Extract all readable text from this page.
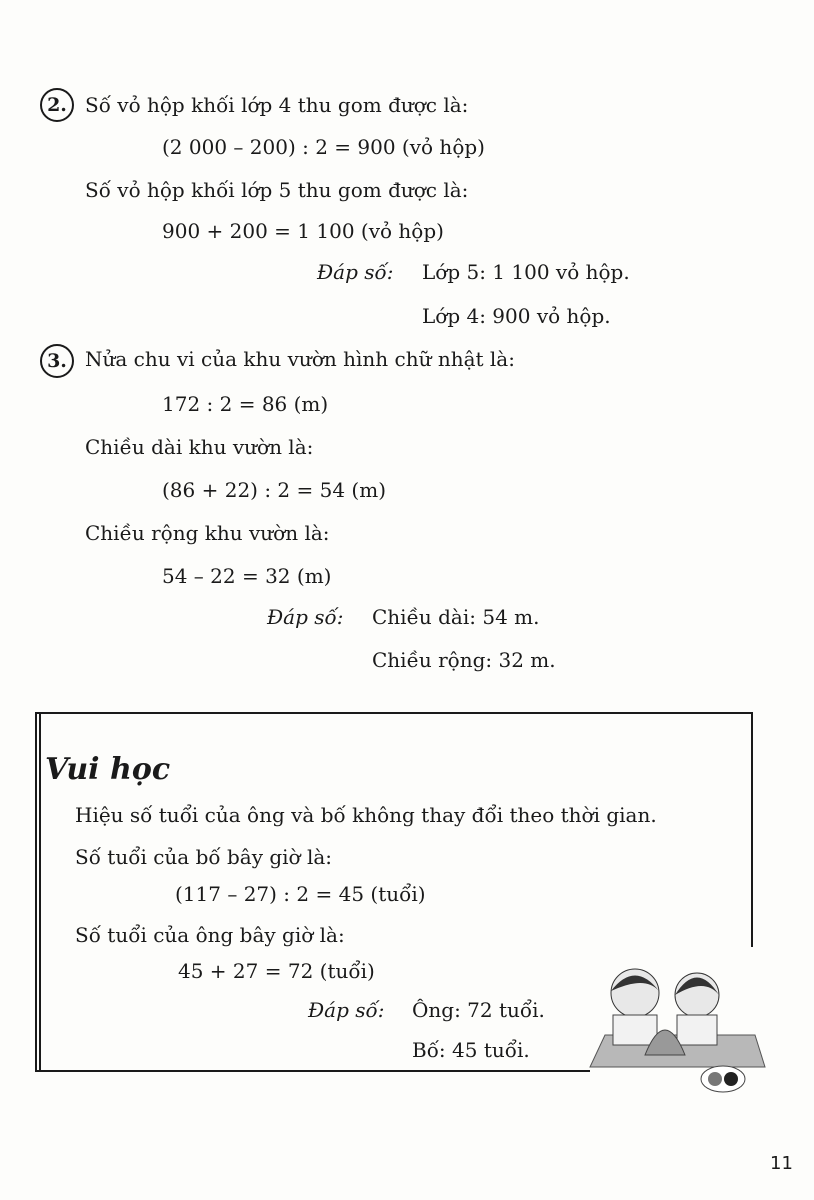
2. Số vỏ hộp khối lớp 4 thu gom được là:
(2 000 – 200) : 2 = 900 (vỏ hộp)
Số vỏ hộp khối lớp 5 thu gom được là:
900 + 200 = 1 100 (vỏ hộp)
Đáp số: Lớp 5: 1 100 vỏ hộp.
Lớp 4: 900 vỏ hộp.
3. Nửa chu vi của khu vườn hình chữ nhật là:
172 : 2 = 86 (m)
Chiều dài khu vườn là:
(86 + 22) : 2 = 54 (m)
Chiều rộng khu vườn là:
54 – 22 = 32 (m)
Đáp số: Chiều dài: 54 m.
Chiều rộng: 32 m.
Vui học
Hiệu số tuổi của ông và bố không thay đổi theo thời gian.
Số tuổi của bố bây giờ là:
(117 – 27) : 2 = 45 (tuổi)
Số tuổi của ông bây giờ là:
45 + 27 = 72 (tuổi)
Đáp số: Ông: 72 tuổi.
Bố: 45 tuổi.
11
